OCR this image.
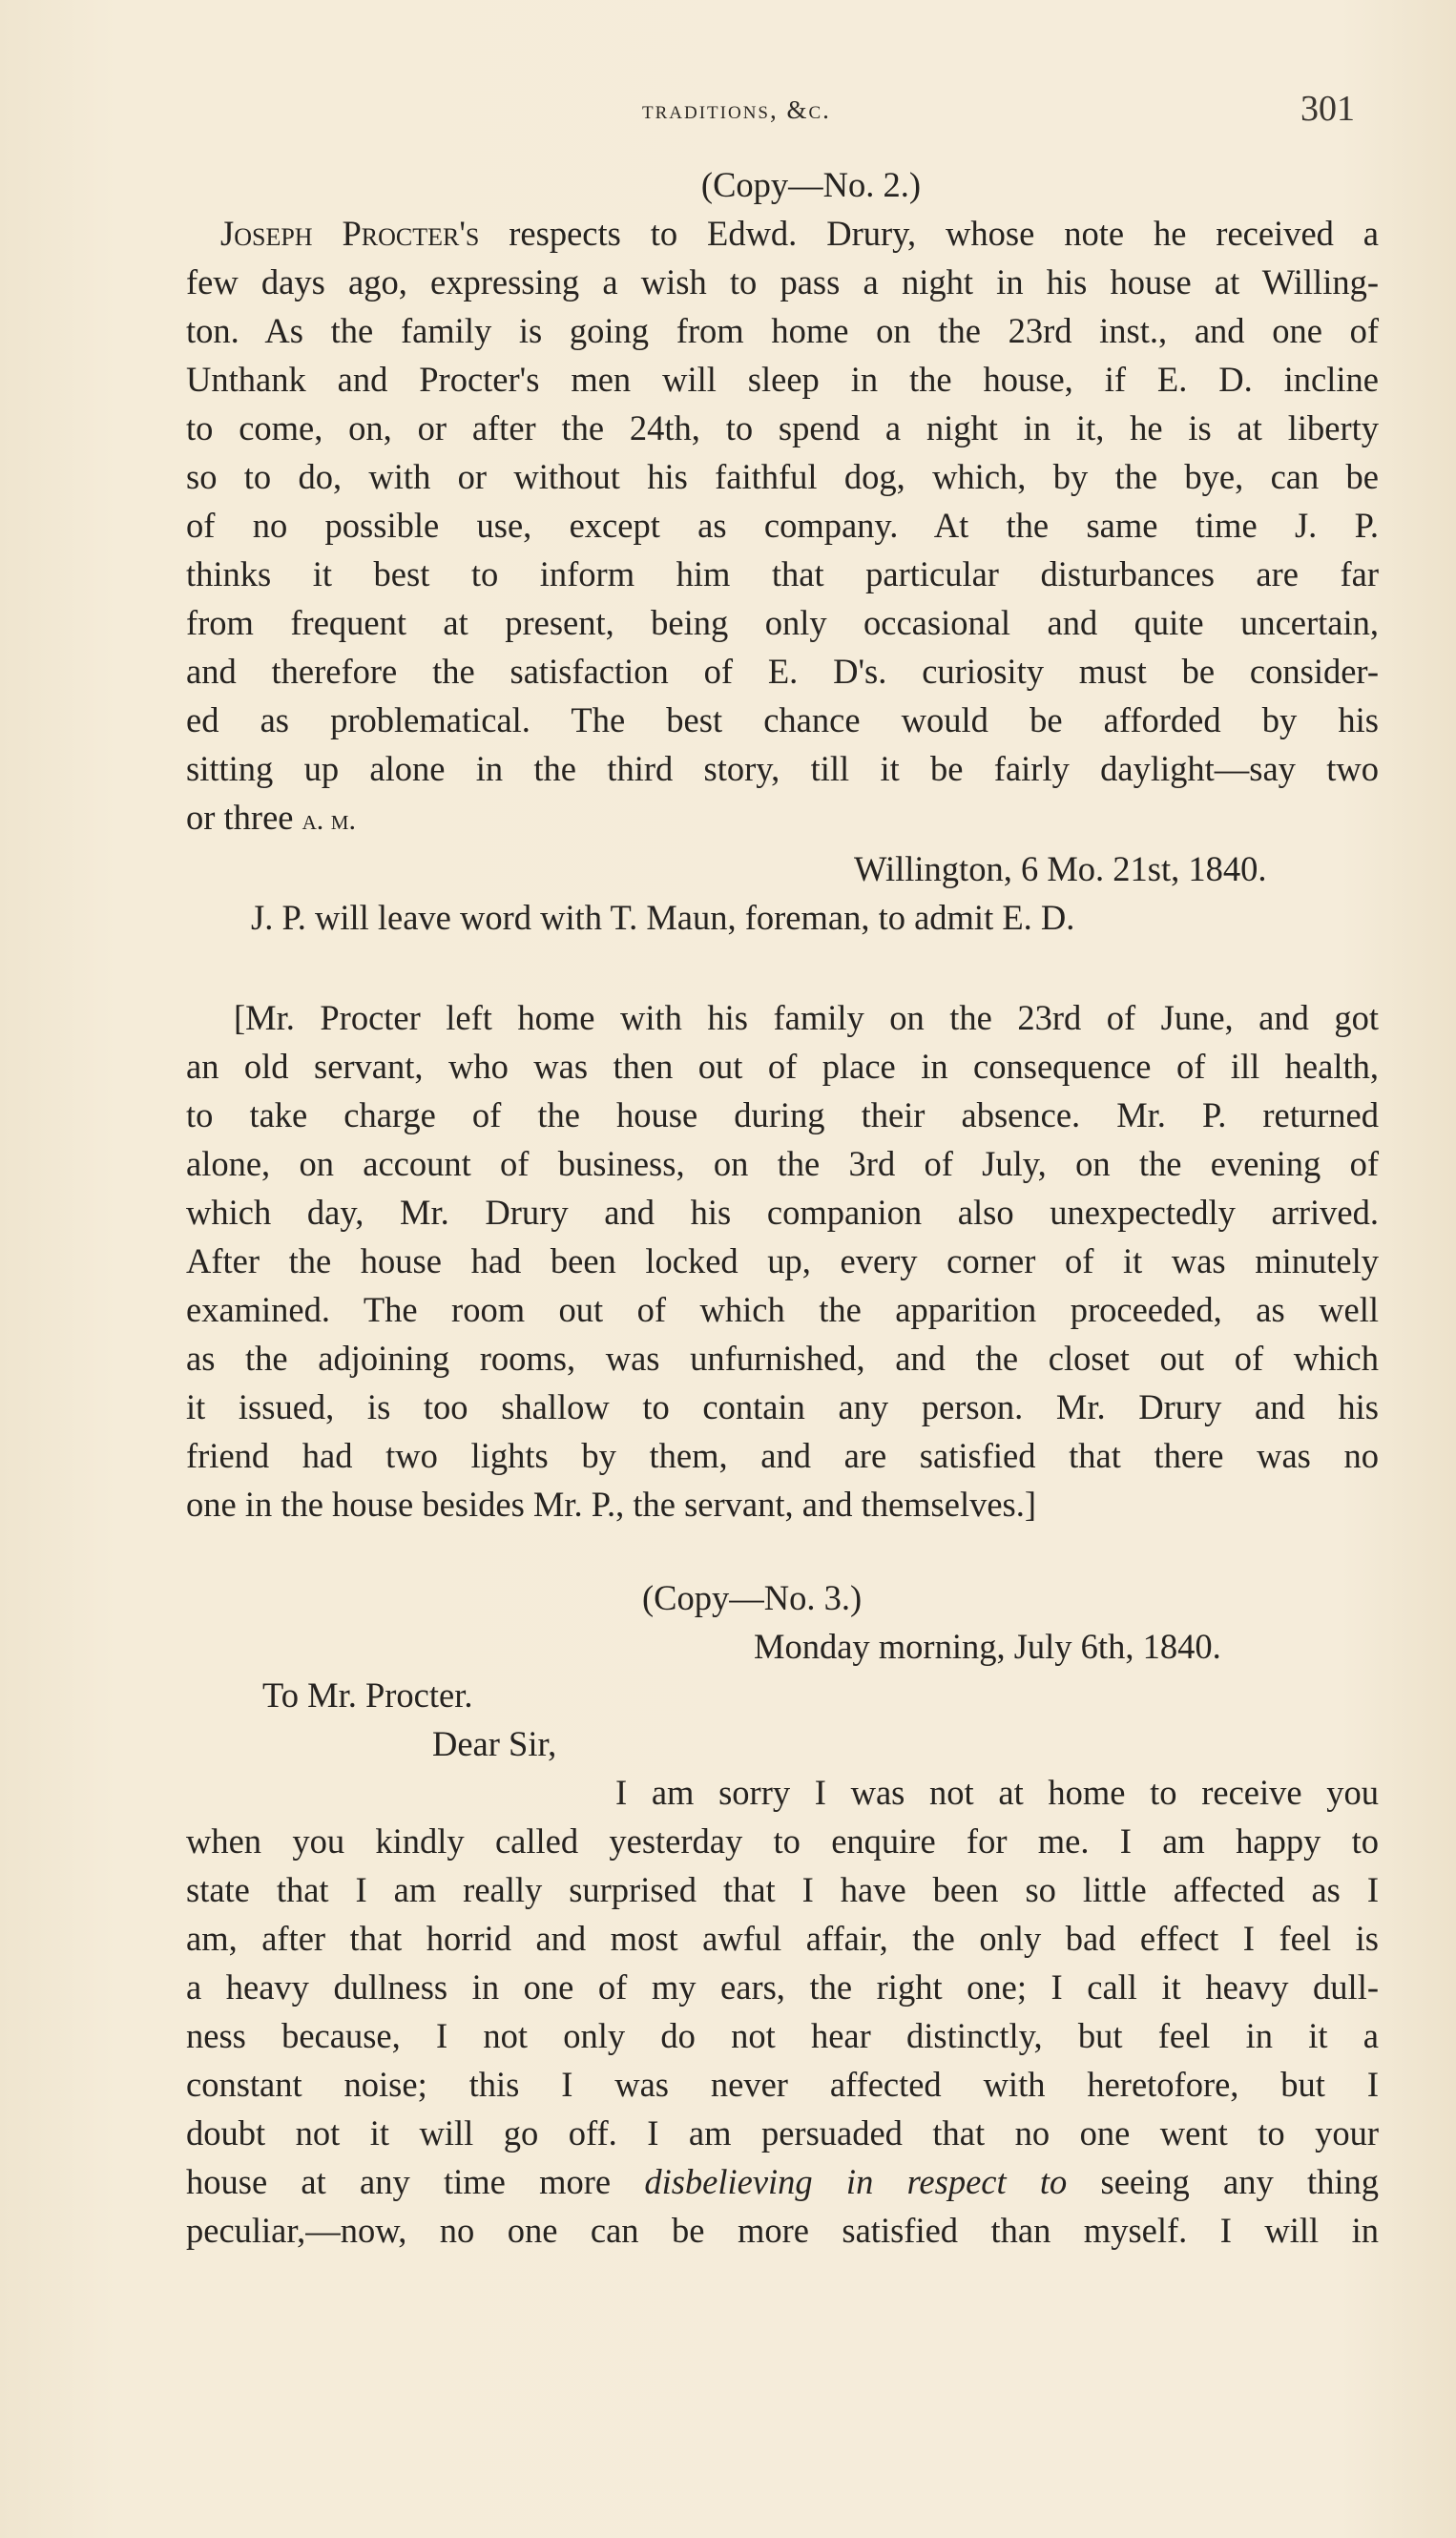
traditions, &c.	301
(Copy—No. 2.)
Joseph Procter's respects to Edwd. Drury, whose note he received a
few days ago, expressing a wish to pass a night in his house at Willing-
ton. As the family is going from home on the 23rd inst., and one of
Unthank and Procter's men will sleep in the house, if E. D. incline
to come, on, or after the 24th, to spend a night in it, he is at liberty
so to do, with or without his faithful dog, which, by the bye, can be
of no possible use, except as company. At the same time J. P.
thinks it best to inform him that particular disturbances are far
from frequent at present, being only occasional and quite uncertain,
and therefore the satisfaction of E. D's. curiosity must be consider-
ed as problematical. The best chance would be afforded by his
sitting up alone in the third story, till it be fairly daylight—say two
or three a. m.
Willington, 6 Mo. 21st, 1840.
J. P. will leave word with T. Maun, foreman, to admit E. D.
[Mr. Procter left home with his family on the 23rd of June, and got
an old servant, who was then out of place in consequence of ill health,
to take charge of the house during their absence. Mr. P. returned
alone, on account of business, on the 3rd of July, on the evening of
which day, Mr. Drury and his companion also unexpectedly arrived.
After the house had been locked up, every corner of it was minutely
examined. The room out of which the apparition proceeded, as well
as the adjoining rooms, was unfurnished, and the closet out of which
it issued, is too shallow to contain any person. Mr. Drury and his
friend had two lights by them, and are satisfied that there was no
one in the house besides Mr. P., the servant, and themselves.]
(Copy—No. 3.)
Monday morning, July 6th, 1840.
To Mr. Procter.
Dear Sir,
I am sorry I was not at home to receive you
when you kindly called yesterday to enquire for me. I am happy to
state that I am really surprised that I have been so little affected as I
am, after that horrid and most awful affair, the only bad effect I feel is
a heavy dullness in one of my ears, the right one; I call it heavy dull-
ness because, I not only do not hear distinctly, but feel in it a
constant noise; this I was never affected with heretofore, but I
doubt not it will go off. I am persuaded that no one went to your
house at any time more disbelieving in respect to seeing any thing
peculiar,—now, no one can be more satisfied than myself. I will in
